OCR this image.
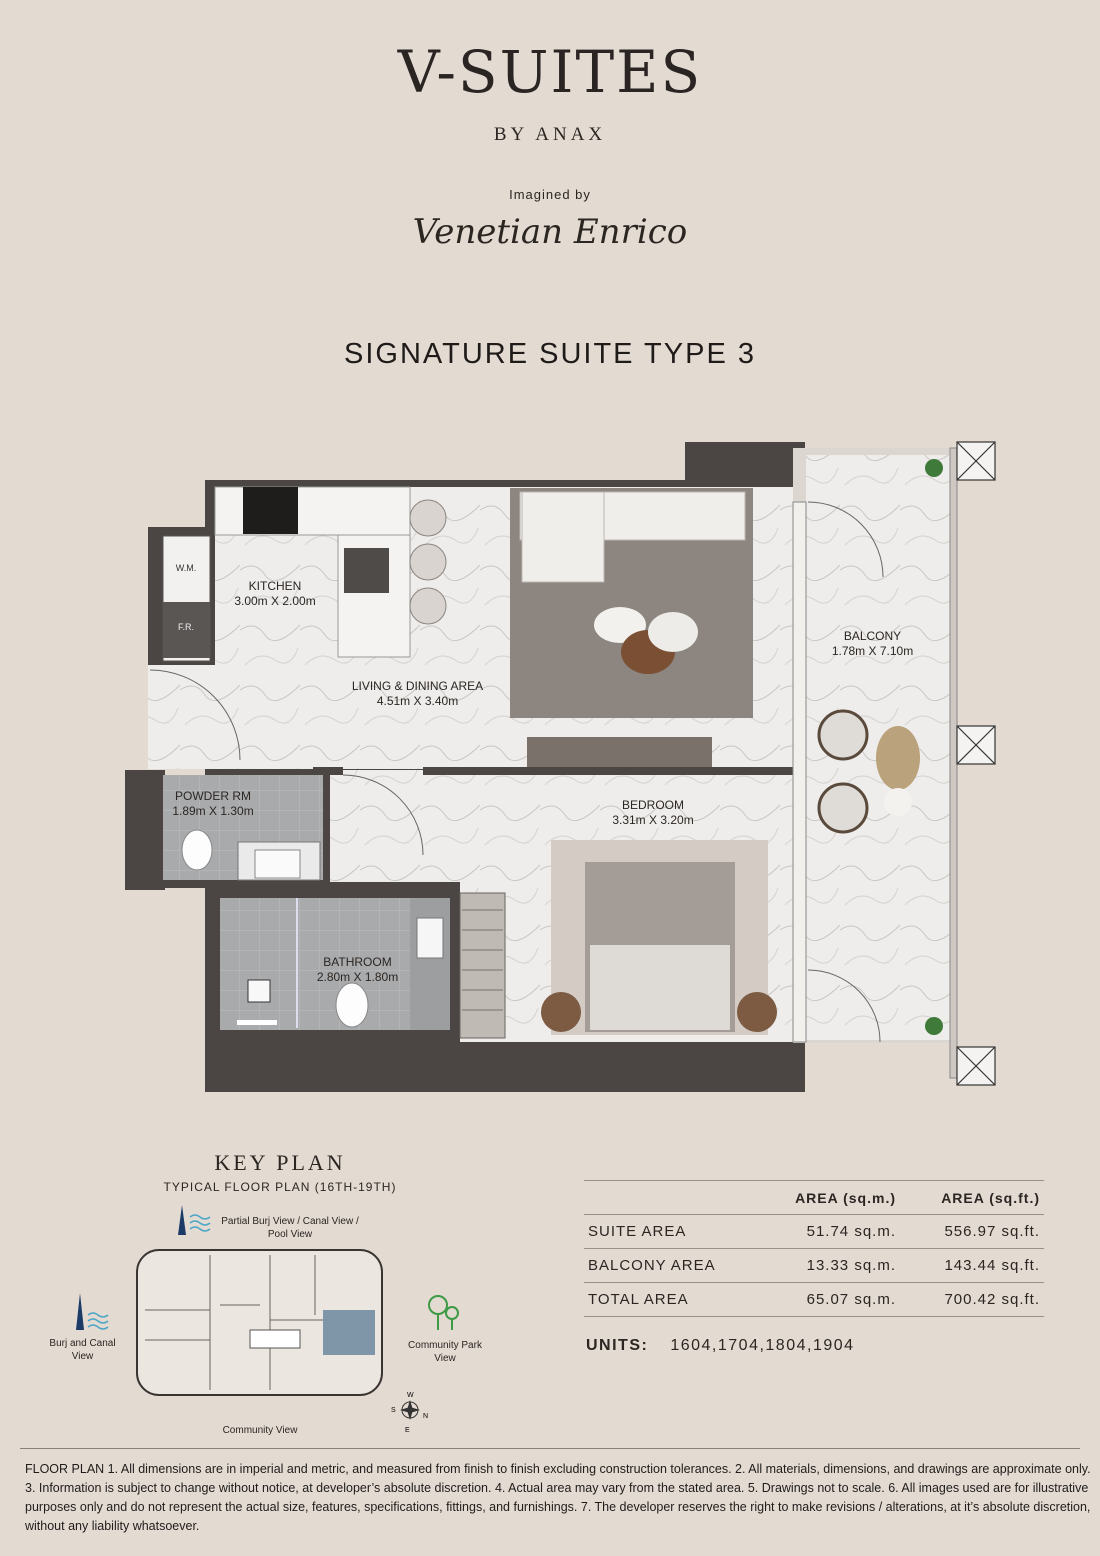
V-SUITES
BY ANAX
Imagined by
Venetian Enrico
SIGNATURE SUITE TYPE 3
W.M.
F.R.
KITCHEN
3.00m X 2.00m
LIVING & DINING AREA
4.51m X 3.40m
BALCONY
1.78m X 7.10m
POWDER RM
1.89m X 1.30m	BEDROOM
3.31m X 3.20m
BATHROOM
2.80m X 1.80m
KEY PLAN
TYPICAL FLOOR PLAN (16TH-19TH)
Partial Burj View / Canal View / Pool View
Burj and Canal View
Community Park View
Community View
W
S
N
E
	AREA (sq.m.)	AREA (sq.ft.)
SUITE AREA	51.74 sq.m.	556.97 sq.ft.
BALCONY AREA	13.33 sq.m.	143.44 sq.ft.
TOTAL AREA	65.07 sq.m.	700.42 sq.ft.
UNITS: 1604,1704,1804,1904
FLOOR PLAN 1. All dimensions are in imperial and metric, and measured from finish to finish excluding construction tolerances. 2. All materials, dimensions, and drawings are approximate only. 3. Information is subject to change without notice, at developer’s absolute discretion. 4. Actual area may vary from the stated area. 5. Drawings not to scale. 6. All images used are for illustrative purposes only and do not represent the actual size, features, specifications, fittings, and furnishings. 7. The developer reserves the right to make revisions / alterations, at it’s absolute discretion, without any liability whatsoever.
